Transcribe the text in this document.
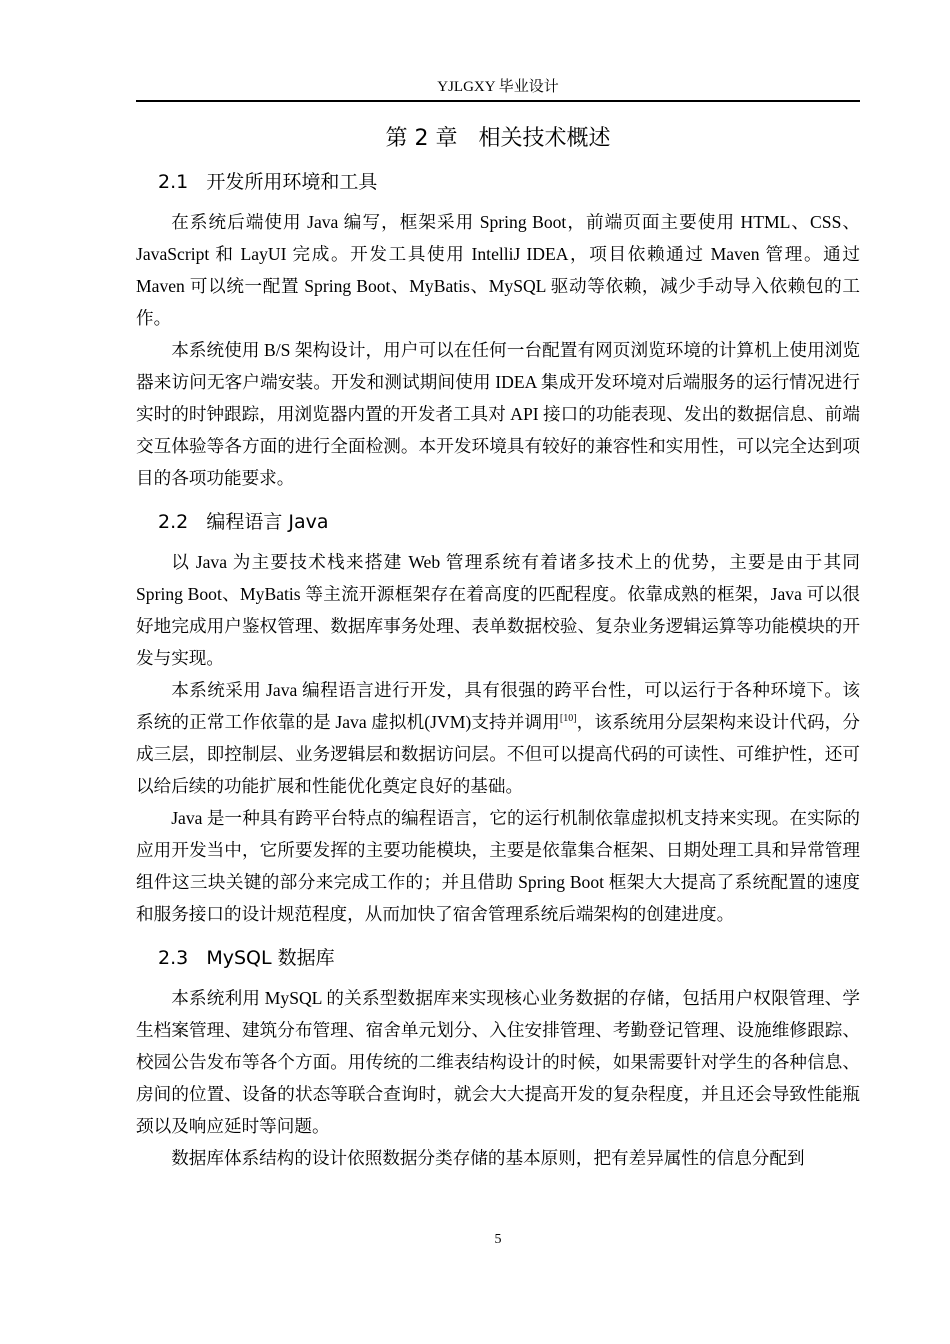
YJLGXY 毕业设计
第 2 章   相关技术概述
2.1   开发所用环境和工具

在系统后端使用 Java 编写，框架采用 Spring Boot，前端页面主要使用 HTML、CSS、JavaScript 和 LayUI 完成。开发工具使用 IntelliJ IDEA，项目依赖通过 Maven 管理。通过 Maven 可以统一配置 Spring Boot、MyBatis、MySQL 驱动等依赖，减少手动导入依赖包的工作。

本系统使用 B/S 架构设计，用户可以在任何一台配置有网页浏览环境的计算机上使用浏览器来访问无客户端安装。开发和测试期间使用 IDEA 集成开发环境对后端服务的运行情况进行实时的时钟跟踪，用浏览器内置的开发者工具对 API 接口的功能表现、发出的数据信息、前端交互体验等各方面的进行全面检测。本开发环境具有较好的兼容性和实用性，可以完全达到项目的各项功能要求。

2.2   编程语言 Java

以 Java 为主要技术栈来搭建 Web 管理系统有着诸多技术上的优势，主要是由于其同 Spring Boot、MyBatis 等主流开源框架存在着高度的匹配程度。依靠成熟的框架，Java 可以很好地完成用户鉴权管理、数据库事务处理、表单数据校验、复杂业务逻辑运算等功能模块的开发与实现。

本系统采用 Java 编程语言进行开发，具有很强的跨平台性，可以运行于各种环境下。该系统的正常工作依靠的是 Java 虚拟机(JVM)支持并调用[10]，该系统用分层架构来设计代码，分成三层，即控制层、业务逻辑层和数据访问层。不但可以提高代码的可读性、可维护性，还可以给后续的功能扩展和性能优化奠定良好的基础。

Java 是一种具有跨平台特点的编程语言，它的运行机制依靠虚拟机支持来实现。在实际的应用开发当中，它所要发挥的主要功能模块，主要是依靠集合框架、日期处理工具和异常管理组件这三块关键的部分来完成工作的；并且借助 Spring Boot 框架大大提高了系统配置的速度和服务接口的设计规范程度，从而加快了宿舍管理系统后端架构的创建进度。

2.3   MySQL 数据库

本系统利用 MySQL 的关系型数据库来实现核心业务数据的存储，包括用户权限管理、学生档案管理、建筑分布管理、宿舍单元划分、入住安排管理、考勤登记管理、设施维修跟踪、校园公告发布等各个方面。用传统的二维表结构设计的时候，如果需要针对学生的各种信息、房间的位置、设备的状态等联合查询时，就会大大提高开发的复杂程度，并且还会导致性能瓶颈以及响应延时等问题。

数据库体系结构的设计依照数据分类存储的基本原则，把有差异属性的信息分配到

5
